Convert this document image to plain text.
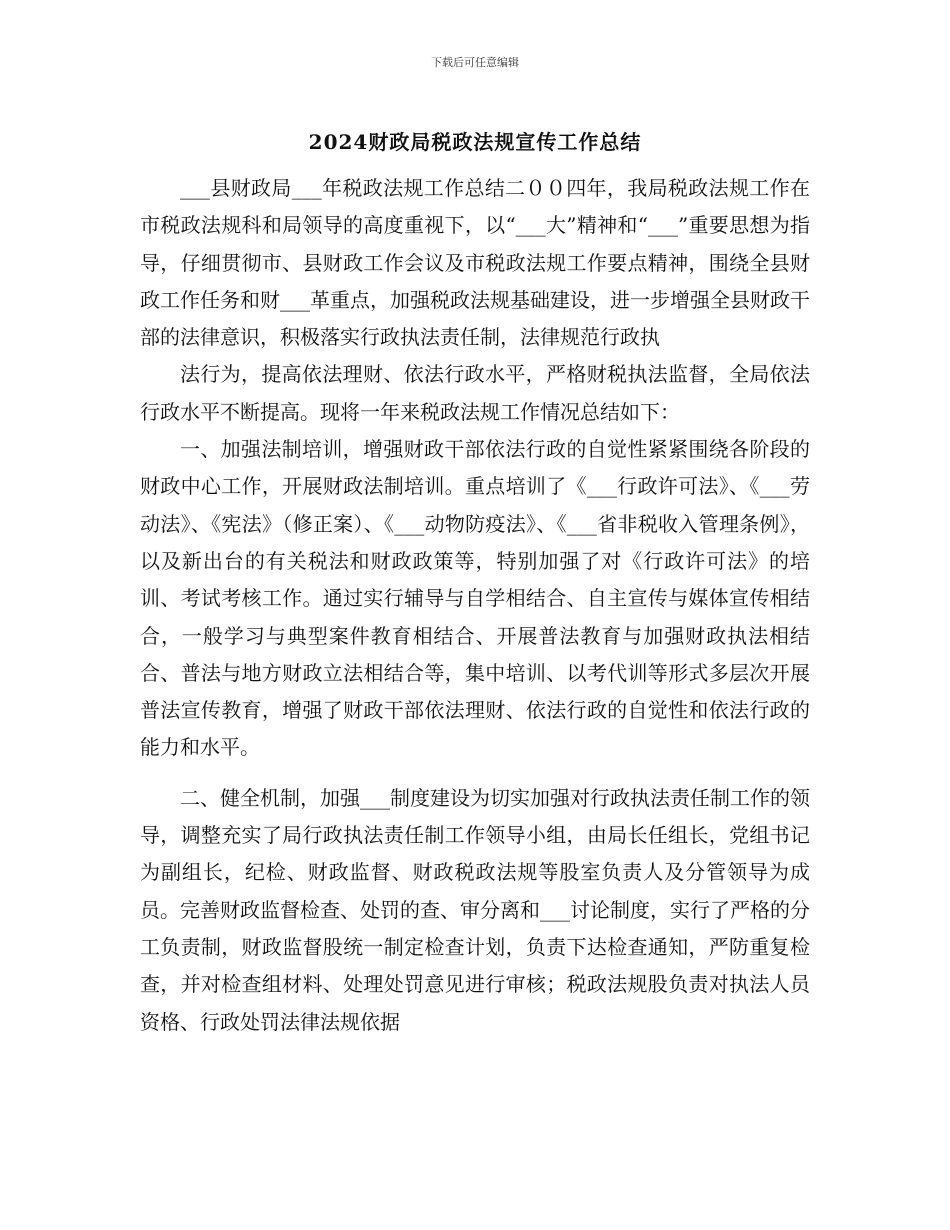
下载后可任意编辑
2024财政局税政法规宣传工作总结

___县财政局___年税政法规工作总结二００四年，我局税政法规工作在市税政法规科和局领导的高度重视下，以“___大”精神和“___”重要思想为指导，仔细贯彻市、县财政工作会议及市税政法规工作要点精神，围绕全县财政工作任务和财___革重点，加强税政法规基础建设，进一步增强全县财政干部的法律意识，积极落实行政执法责任制，法律规范行政执

法行为，提高依法理财、依法行政水平，严格财税执法监督，全局依法行政水平不断提高。现将一年来税政法规工作情况总结如下：

一、加强法制培训，增强财政干部依法行政的自觉性紧紧围绕各阶段的财政中心工作，开展财政法制培训。重点培训了《___行政许可法》、《___劳动法》、《宪法》（修正案）、《___动物防疫法》、《___省非税收入管理条例》，以及新出台的有关税法和财政政策等，特别加强了对《行政许可法》的培训、考试考核工作。通过实行辅导与自学相结合、自主宣传与媒体宣传相结合，一般学习与典型案件教育相结合、开展普法教育与加强财政执法相结合、普法与地方财政立法相结合等，集中培训、以考代训等形式多层次开展普法宣传教育，增强了财政干部依法理财、依法行政的自觉性和依法行政的能力和水平。

二、健全机制，加强___制度建设为切实加强对行政执法责任制工作的领导，调整充实了局行政执法责任制工作领导小组，由局长任组长，党组书记为副组长，纪检、财政监督、财政税政法规等股室负责人及分管领导为成员。完善财政监督检查、处罚的查、审分离和___讨论制度，实行了严格的分工负责制，财政监督股统一制定检查计划，负责下达检查通知，严防重复检查，并对检查组材料、处理处罚意见进行审核；税政法规股负责对执法人员资格、行政处罚法律法规依据
